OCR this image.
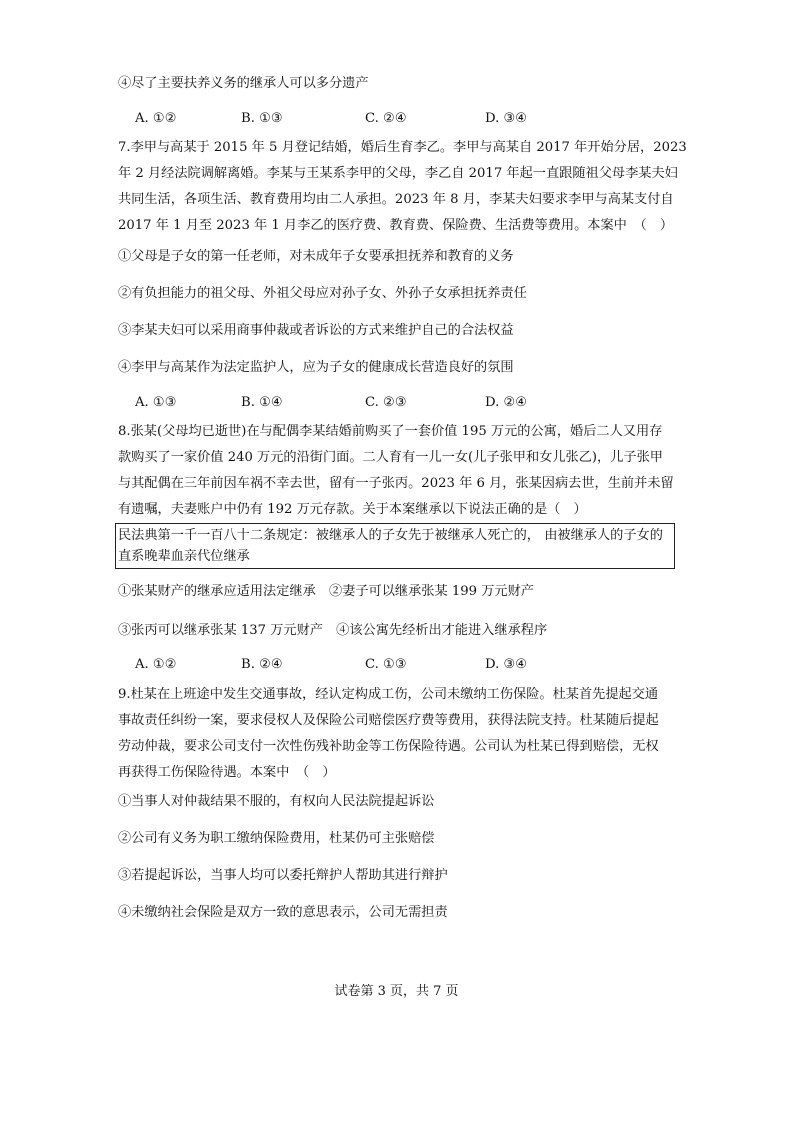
④尽了主要扶养义务的继承人可以多分遗产
A. ①②	B. ①③	C. ②④	D. ③④
7.李甲与高某于 2015 年 5 月登记结婚，婚后生育李乙。李甲与高某自 2017 年开始分居，2023
年 2 月经法院调解离婚。李某与王某系李甲的父母，李乙自 2017 年起一直跟随祖父母李某夫妇
共同生活，各项生活、教育费用均由二人承担。2023 年 8 月，李某夫妇要求李甲与高某支付自
2017 年 1 月至 2023 年 1 月李乙的医疗费、教育费、保险费、生活费等费用。本案中　（　）
①父母是子女的第一任老师，对未成年子女要承担抚养和教育的义务
②有负担能力的祖父母、外祖父母应对孙子女、外孙子女承担抚养责任
③李某夫妇可以采用商事仲裁或者诉讼的方式来维护自己的合法权益
④李甲与高某作为法定监护人，应为子女的健康成长营造良好的氛围
A. ①③	B. ①④	C. ②③	D. ②④
8.张某(父母均已逝世)在与配偶李某结婚前购买了一套价值 195 万元的公寓，婚后二人又用存
款购买了一家价值 240 万元的沿街门面。二人育有一儿一女(儿子张甲和女儿张乙)，儿子张甲
与其配偶在三年前因车祸不幸去世，留有一子张丙。2023 年 6 月，张某因病去世，生前并未留
有遗嘱，夫妻账户中仍有 192 万元存款。关于本案继承以下说法正确的是（　）
民法典第一千一百八十二条规定：被继承人的子女先于被继承人死亡的， 由被继承人的子女的
直系晚辈血亲代位继承
①张某财产的继承应适用法定继承　②妻子可以继承张某 199 万元财产
③张丙可以继承张某 137 万元财产　④该公寓先经析出才能进入继承程序
A. ①②	B. ②④	C. ①③	D. ③④
9.杜某在上班途中发生交通事故，经认定构成工伤，公司未缴纳工伤保险。杜某首先提起交通
事故责任纠纷一案，要求侵权人及保险公司赔偿医疗费等费用，获得法院支持。杜某随后提起
劳动仲裁，要求公司支付一次性伤残补助金等工伤保险待遇。公司认为杜某已得到赔偿，无权
再获得工伤保险待遇。本案中　（　）
①当事人对仲裁结果不服的，有权向人民法院提起诉讼
②公司有义务为职工缴纳保险费用，杜某仍可主张赔偿
③若提起诉讼，当事人均可以委托辩护人帮助其进行辩护
④未缴纳社会保险是双方一致的意思表示，公司无需担责
试卷第 3 页，共 7 页
